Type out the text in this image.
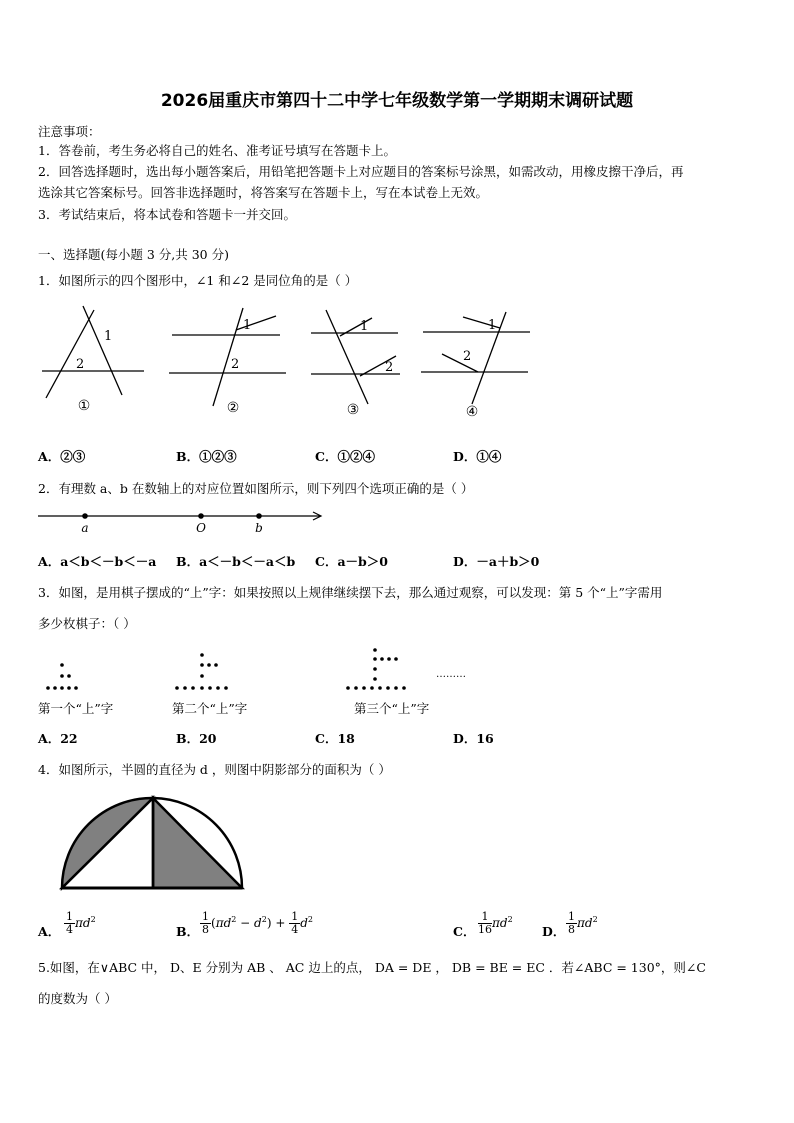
2026届重庆市第四十二中学七年级数学第一学期期末调研试题
注意事项：
1．答卷前，考生务必将自己的姓名、准考证号填写在答题卡上。
2．回答选择题时，选出每小题答案后，用铅笔把答题卡上对应题目的答案标号涂黑，如需改动，用橡皮擦干净后，再
选涂其它答案标号。回答非选择题时，将答案写在答题卡上，写在本试卷上无效。
3．考试结束后，将本试卷和答题卡一并交回。
一、选择题(每小题 3 分,共 30 分)
1．如图所示的四个图形中，∠1 和∠2 是同位角的是（ ）
1
2
1
2
1
2
1
2
①	②	③	④
A．②③	B．①②③	C．①②④	D．①④
2．有理数 a、b 在数轴上的对应位置如图所示，则下列四个选项正确的是（ ）
a	O	b
A．a＜b＜－b＜－a B．a＜－b＜－a＜b C．a－b＞0	D．－a＋b＞0
3．如图，是用棋子摆成的“上”字：如果按照以上规律继续摆下去，那么通过观察，可以发现：第 5 个“上”字需用
多少枚棋子：（ ）
………
第一个“上”字	第二个“上”字	第三个“上”字
A．22	B．20	C．18	D．16
4．如图所示，半圆的直径为 d ，则图中阴影部分的面积为（ ）
A． $\frac{1}{4} \pi d^2$
B． $\frac{1}{8} (\pi d^2 - d^2) + \frac{1}{4} d^2$
C． $\frac{1}{16} \pi d^2$
D． $\frac{1}{8} \pi d^2$
5.如图，在∨ABC 中， D、E 分别为 AB 、 AC 边上的点， DA = DE ， DB = BE = EC ．若∠ABC = 130°，则∠C
的度数为（ ）
